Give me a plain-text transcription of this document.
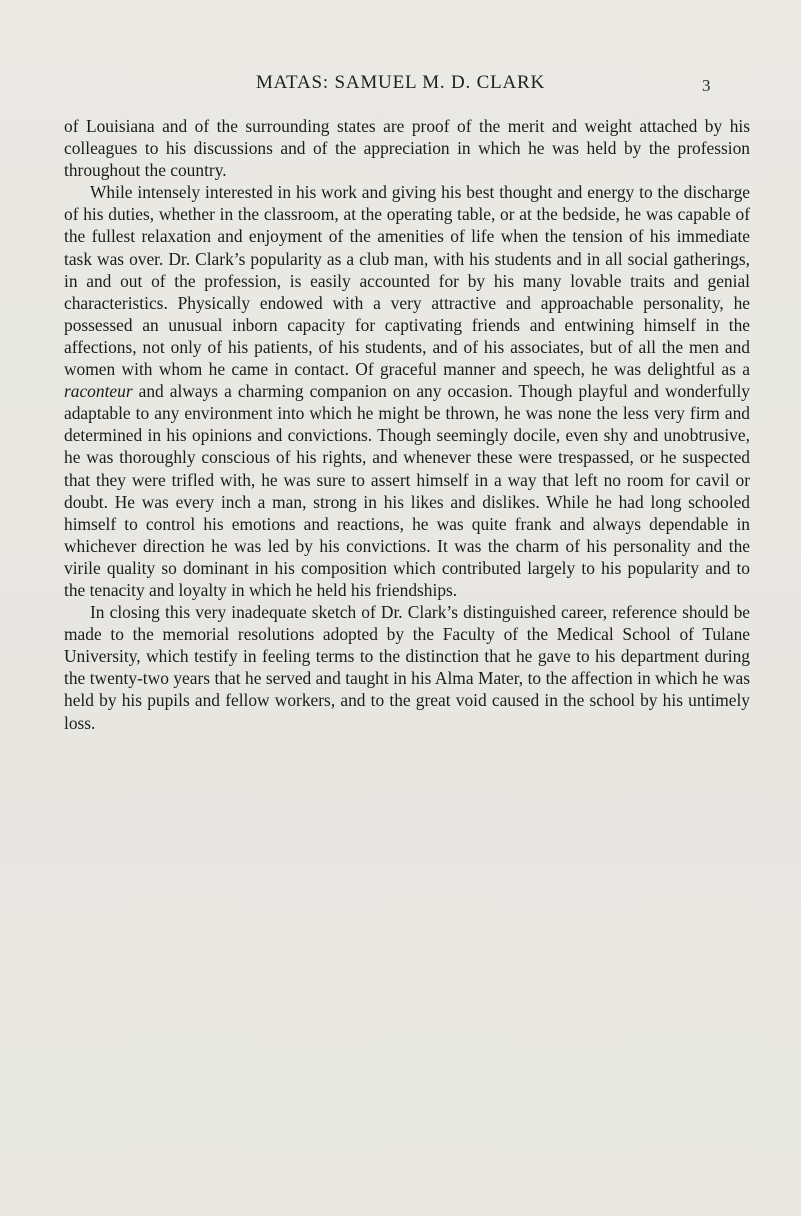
MATAS: SAMUEL M. D. CLARK	3

of Louisiana and of the surrounding states are proof of the merit and weight attached by his colleagues to his discussions and of the appreciation in which he was held by the profession throughout the country.

While intensely interested in his work and giving his best thought and energy to the discharge of his duties, whether in the classroom, at the operating table, or at the bedside, he was capable of the fullest relaxation and enjoyment of the amenities of life when the tension of his immediate task was over. Dr. Clark’s popularity as a club man, with his students and in all social gatherings, in and out of the profession, is easily accounted for by his many lovable traits and genial characteristics. Physically endowed with a very attractive and approachable personality, he possessed an unusual inborn capacity for captivating friends and entwining himself in the affections, not only of his patients, of his students, and of his associates, but of all the men and women with whom he came in contact. Of graceful manner and speech, he was delightful as a raconteur and always a charming companion on any occasion. Though playful and wonderfully adaptable to any environment into which he might be thrown, he was none the less very firm and determined in his opinions and convictions. Though seemingly docile, even shy and unobtrusive, he was thoroughly conscious of his rights, and whenever these were trespassed, or he suspected that they were trifled with, he was sure to assert himself in a way that left no room for cavil or doubt. He was every inch a man, strong in his likes and dislikes. While he had long schooled himself to control his emotions and reactions, he was quite frank and always dependable in whichever direction he was led by his convictions. It was the charm of his personality and the virile quality so dominant in his composition which contributed largely to his popularity and to the tenacity and loyalty in which he held his friendships.

In closing this very inadequate sketch of Dr. Clark’s distinguished career, reference should be made to the memorial resolutions adopted by the Faculty of the Medical School of Tulane University, which testify in feeling terms to the distinction that he gave to his department during the twenty-two years that he served and taught in his Alma Mater, to the affection in which he was held by his pupils and fellow workers, and to the great void caused in the school by his untimely loss.
